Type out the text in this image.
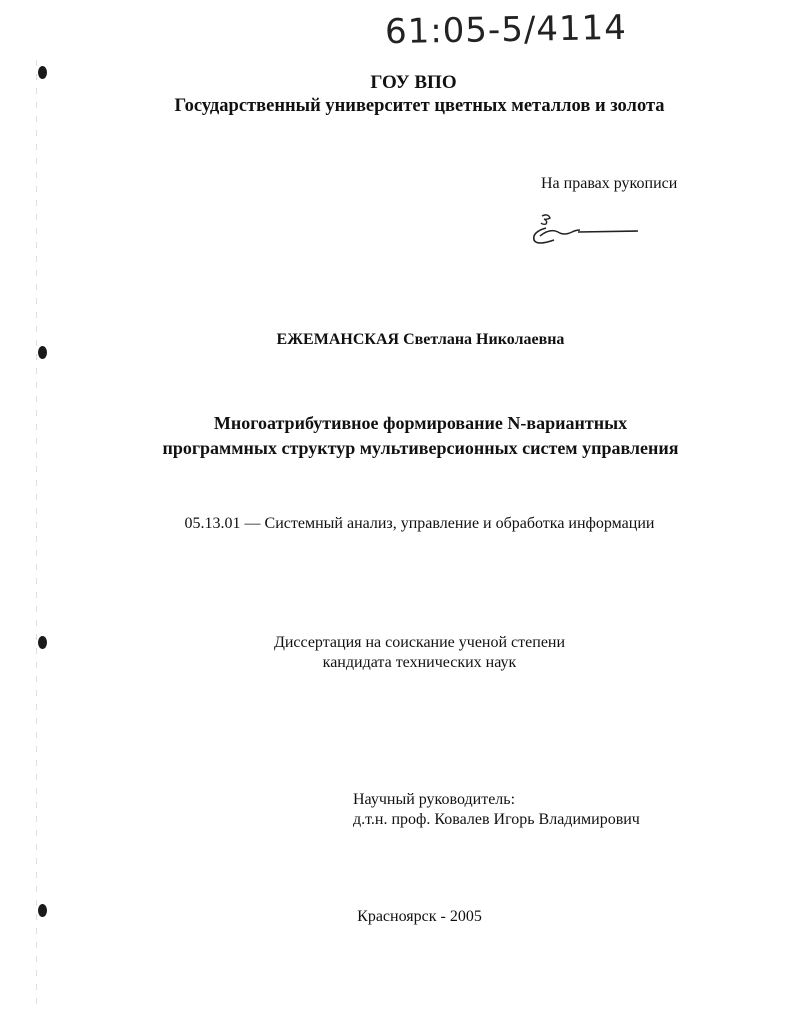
61:05-5/4114
ГОУ ВПО
Государственный университет цветных металлов и золота
На правах рукописи
ЕЖЕМАНСКАЯ Светлана Николаевна
Многоатрибутивное формирование N-вариантных
программных структур мультиверсионных систем управления
05.13.01 — Системный анализ, управление и обработка информации
Диссертация на соискание ученой степени
кандидата технических наук
Научный руководитель:
д.т.н. проф. Ковалев Игорь Владимирович
Красноярск - 2005
